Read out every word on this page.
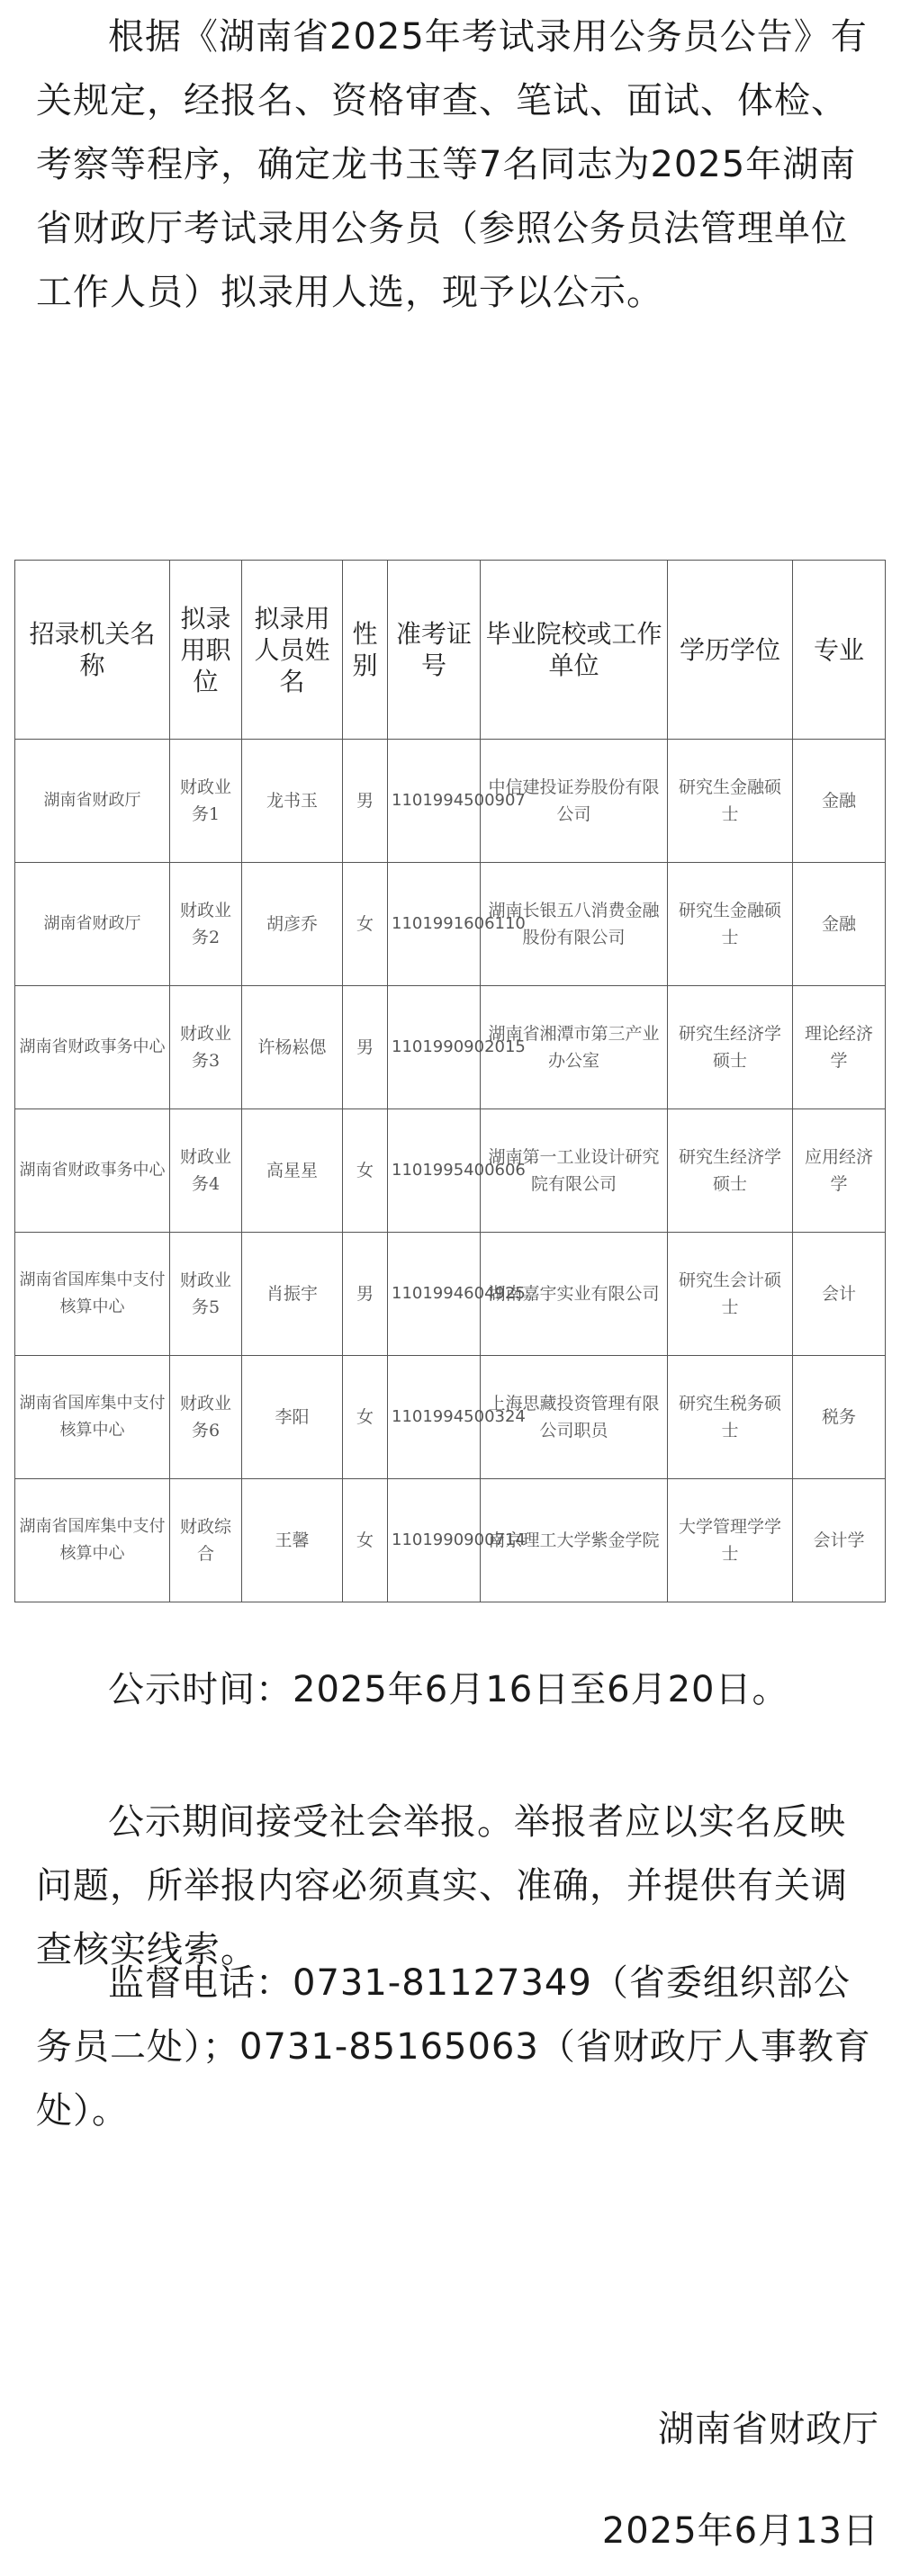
根据《湖南省2025年考试录用公务员公告》有关规定，经报名、资格审查、笔试、面试、体检、考察等程序，确定龙书玉等7名同志为2025年湖南省财政厅考试录用公务员（参照公务员法管理单位工作人员）拟录用人选，现予以公示。

招录机关名称	拟录用职位	拟录用人员姓名	性别	准考证号	毕业院校或工作单位	学历学位	专业
湖南省财政厅	财政业务1	龙书玉	男	1101994500907	中信建投证券股份有限公司	研究生金融硕士	金融
湖南省财政厅	财政业务2	胡彦乔	女	1101991606110	湖南长银五八消费金融股份有限公司	研究生金融硕士	金融
湖南省财政事务中心	财政业务3	许杨崧偲	男	1101990902015	湖南省湘潭市第三产业办公室	研究生经济学硕士	理论经济学
湖南省财政事务中心	财政业务4	高星星	女	1101995400606	湖南第一工业设计研究院有限公司	研究生经济学硕士	应用经济学
湖南省国库集中支付核算中心	财政业务5	肖振宇	男	1101994604925	湖南嘉宇实业有限公司	研究生会计硕士	会计
湖南省国库集中支付核算中心	财政业务6	李阳	女	1101994500324	上海思藏投资管理有限公司职员	研究生税务硕士	税务
湖南省国库集中支付核算中心	财政综合	王馨	女	1101990900714	南京理工大学紫金学院	大学管理学学士	会计学

公示时间：2025年6月16日至6月20日。

公示期间接受社会举报。举报者应以实名反映问题，所举报内容必须真实、准确，并提供有关调查核实线索。

监督电话：0731-81127349（省委组织部公务员二处）；0731-85165063（省财政厅人事教育处）。

湖南省财政厅

2025年6月13日
